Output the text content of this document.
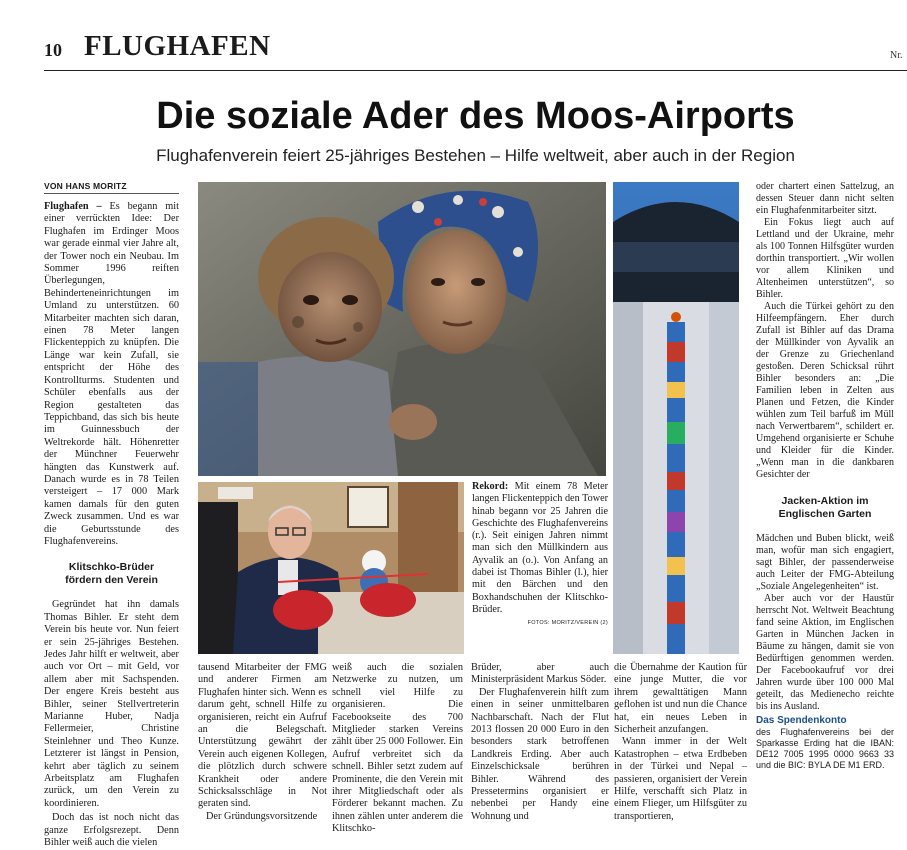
10 FLUGHAFEN	Nr.
Die soziale Ader des Moos-Airports
Flughafenverein feiert 25-jähriges Bestehen – Hilfe weltweit, aber auch in der Region
VON HANS MORITZ

Flughafen – Es begann mit einer verrückten Idee: Der Flughafen im Erdinger Moos war gerade einmal vier Jahre alt, der Tower noch ein Neubau. Im Sommer 1996 reiften Überlegungen, Behinderteneinrichtungen im Umland zu unterstützen. 60 Mitarbeiter machten sich daran, einen 78 Meter langen Flickenteppich zu knüpfen. Die Länge war kein Zufall, sie entspricht der Höhe des Kontrollturms. Studenten und Schüler ebenfalls aus der Region gestalteten das Teppichband, das sich bis heute im Guinnessbuch der Weltrekorde hält. Höhenretter der Münchner Feuerwehr hängten das Kunstwerk auf. Danach wurde es in 78 Teilen versteigert – 17 000 Mark kamen damals für den guten Zweck zusammen. Und es war die Geburtsstunde des Flughafenvereins.

Klitschko-Brüder
fördern den Verein

Gegründet hat ihn damals Thomas Bihler. Er steht dem Verein bis heute vor. Nun feiert er sein 25-jähriges Bestehen. Jedes Jahr hilft er weltweit, aber auch vor Ort – mit Geld, vor allem aber mit Sachspenden. Der engere Kreis besteht aus Bihler, seiner Stellvertreterin Marianne Huber, Nadja Fellermeier, Christine Steinlehner und Theo Kunze. Letzterer ist längst in Pension, kehrt aber täglich zu seinem Arbeitsplatz am Flughafen zurück, um den Verein zu koordinieren.

Doch das ist noch nicht das ganze Erfolgsrezept. Denn Bihler weiß auch die vielen

Rekord: Mit einem 78 Meter langen Flickenteppich den Tower hinab begann vor 25 Jahren die Geschichte des Flughafenvereins (r.). Seit einigen Jahren nimmt man sich den Müllkindern aus Ayvalik an (o.). Von Anfang an dabei ist Thomas Bihler (l.), hier mit den Bärchen und den Boxhandschuhen der Klitschko-Brüder.
FOTOS: MORITZ/VEREIN (2)

tausend Mitarbeiter der FMG und anderer Firmen am Flughafen hinter sich. Wenn es darum geht, schnell Hilfe zu organisieren, reicht ein Aufruf an die Belegschaft. Unterstützung gewährt der Verein auch eigenen Kollegen, die plötzlich durch schwere Krankheit oder andere Schicksalsschläge in Not geraten sind.

Der Gründungsvorsitzende

weiß auch die sozialen Netzwerke zu nutzen, um schnell viel Hilfe zu organisieren. Die Facebookseite des 700 Mitglieder starken Vereins zählt über 25 000 Follower. Ein Aufruf verbreitet sich da schnell. Bihler setzt zudem auf Prominente, die den Verein mit ihrer Mitgliedschaft oder als Förderer bekannt machen. Zu ihnen zählen unter anderem die Klitschko-

Brüder, aber auch Ministerpräsident Markus Söder.

Der Flughafenverein hilft zum einen in seiner unmittelbaren Nachbarschaft. Nach der Flut 2013 flossen 20 000 Euro in den besonders stark betroffenen Landkreis Erding. Aber auch Einzelschicksale berühren Bihler. Während des Pressetermins organisiert er nebenbei per Handy eine Wohnung und

die Übernahme der Kaution für eine junge Mutter, die vor ihrem gewalttätigen Mann geflohen ist und nun die Chance hat, ein neues Leben in Sicherheit anzufangen.

Wann immer in der Welt Katastrophen – etwa Erdbeben in der Türkei und Nepal – passieren, organisiert der Verein Hilfe, verschafft sich Platz in einem Flieger, um Hilfsgüter zu transportieren,

oder chartert einen Sattelzug, an dessen Steuer dann nicht selten ein Flughafenmitarbeiter sitzt.

Ein Fokus liegt auch auf Lettland und der Ukraine, mehr als 100 Tonnen Hilfsgüter wurden dorthin transportiert. „Wir wollen vor allem Kliniken und Altenheimen unterstützen“, so Bihler.

Auch die Türkei gehört zu den Hilfeempfängern. Eher durch Zufall ist Bihler auf das Drama der Müllkinder von Ayvalik an der Grenze zu Griechenland gestoßen. Deren Schicksal rührt Bihler besonders an: „Die Familien leben in Zelten aus Planen und Fetzen, die Kinder wühlen zum Teil barfuß im Müll nach Verwertbarem“, schildert er. Umgehend organisierte er Schuhe und Kleider für die Kinder. „Wenn man in die dankbaren Gesichter der

Jacken-Aktion im
Englischen Garten

Mädchen und Buben blickt, weiß man, wofür man sich engagiert, sagt Bihler, der passenderweise auch Leiter der FMG-Abteilung „Soziale Angelegenheiten“ ist.

Aber auch vor der Haustür herrscht Not. Weltweit Beachtung fand seine Aktion, im Englischen Garten in München Jacken in Bäume zu hängen, damit sie von Bedürftigen genommen werden. Der Facebookaufruf vor drei Jahren wurde über 100 000 Mal geteilt, das Medienecho reichte bis ins Ausland.

Das Spendenkonto
des Flughafenvereins bei der Sparkasse Erding hat die IBAN: DE12 7005 1995 0000 9663 33 und die BIC: BYLA DE M1 ERD.
